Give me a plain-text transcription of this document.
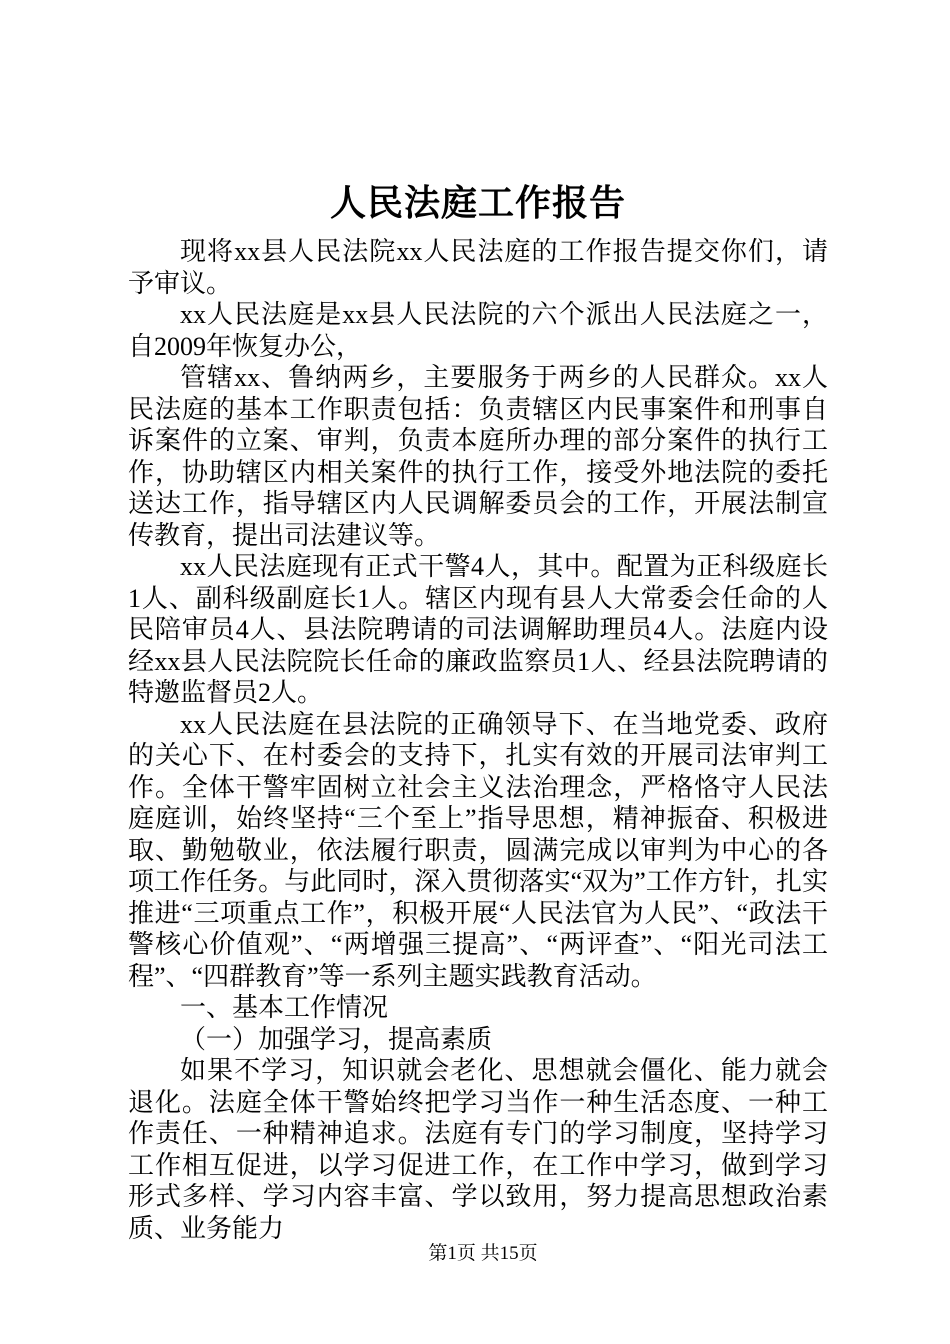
人民法庭工作报告

现将xx县人民法院xx人民法庭的工作报告提交你们，请予审议。

xx人民法庭是xx县人民法院的六个派出人民法庭之一，自2009年恢复办公，

管辖xx、鲁纳两乡，主要服务于两乡的人民群众。xx人民法庭的基本工作职责包括：负责辖区内民事案件和刑事自诉案件的立案、审判，负责本庭所办理的部分案件的执行工作，协助辖区内相关案件的执行工作，接受外地法院的委托送达工作，指导辖区内人民调解委员会的工作，开展法制宣传教育，提出司法建议等。

xx人民法庭现有正式干警4人，其中。配置为正科级庭长1人、副科级副庭长1人。辖区内现有县人大常委会任命的人民陪审员4人、县法院聘请的司法调解助理员4人。法庭内设经xx县人民法院院长任命的廉政监察员1人、经县法院聘请的特邀监督员2人。

xx人民法庭在县法院的正确领导下、在当地党委、政府的关心下、在村委会的支持下，扎实有效的开展司法审判工作。全体干警牢固树立社会主义法治理念，严格恪守人民法庭庭训，始终坚持“三个至上”指导思想，精神振奋、积极进取、勤勉敬业，依法履行职责，圆满完成以审判为中心的各项工作任务。与此同时，深入贯彻落实“双为”工作方针，扎实推进“三项重点工作”，积极开展“人民法官为人民”、“政法干警核心价值观”、“两增强三提高”、“两评查”、“阳光司法工程”、“四群教育”等一系列主题实践教育活动。

一、基本工作情况

（一）加强学习，提高素质

如果不学习，知识就会老化、思想就会僵化、能力就会退化。法庭全体干警始终把学习当作一种生活态度、一种工作责任、一种精神追求。法庭有专门的学习制度，坚持学习工作相互促进，以学习促进工作，在工作中学习，做到学习形式多样、学习内容丰富、学以致用，努力提高思想政治素质、业务能力

第1页 共15页
